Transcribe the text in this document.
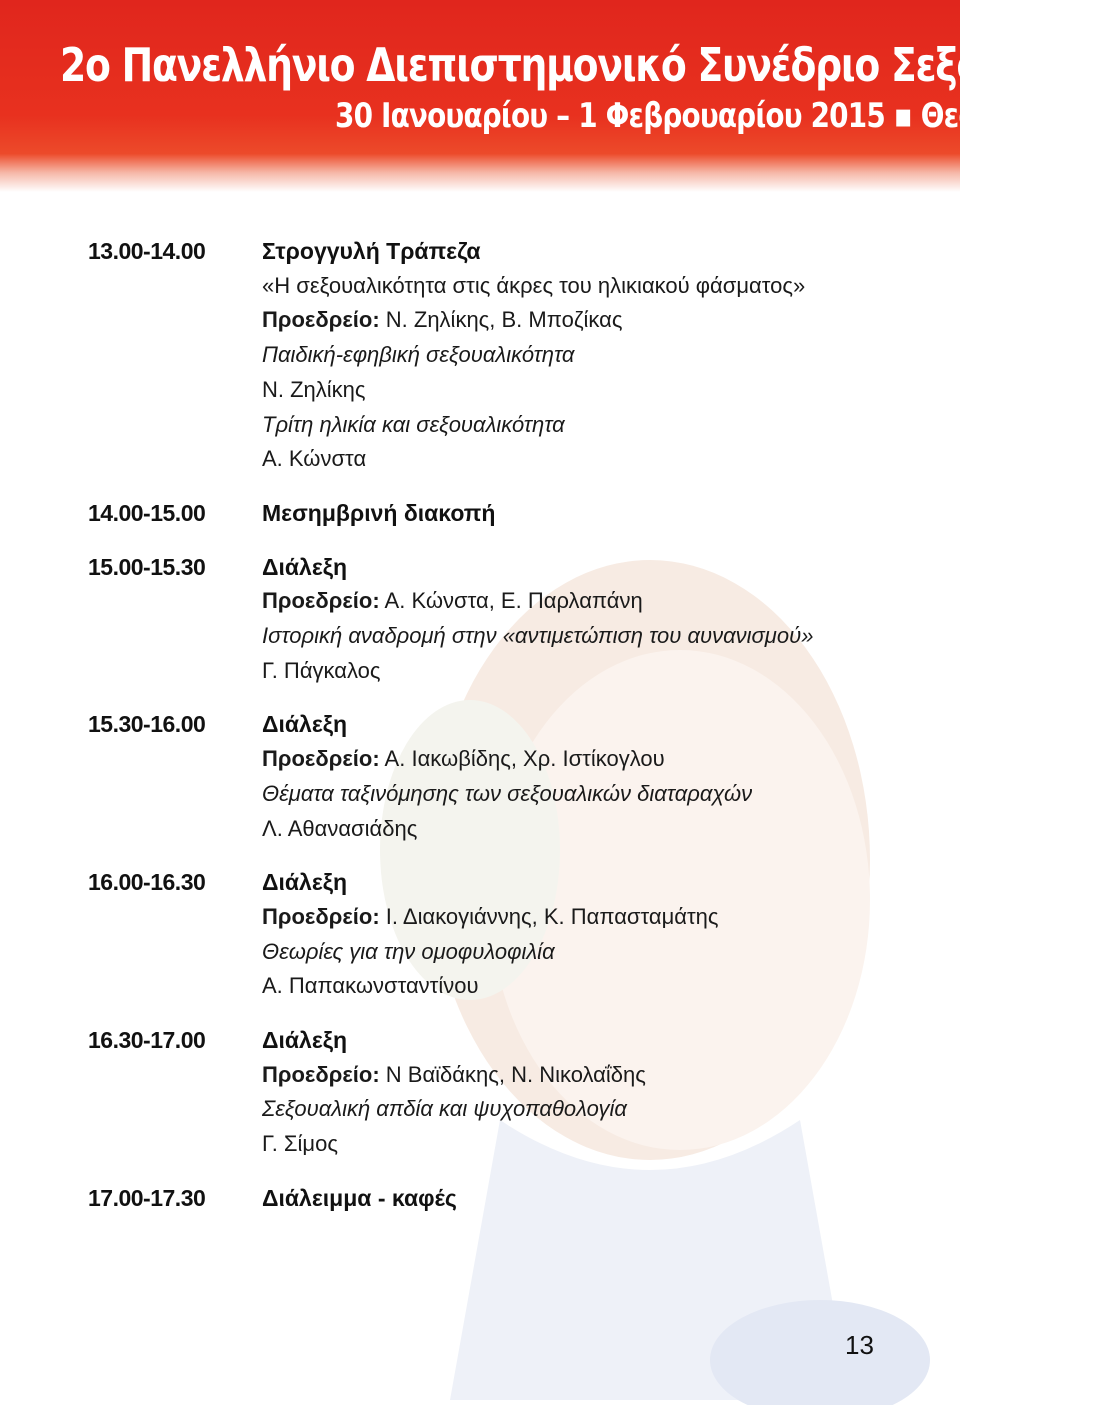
2ο Πανελλήνιο Διεπιστημονικό Συνέδριο Σεξολογίας
30 Ιανουαρίου – 1 Φεβρουαρίου 2015 ▪ Θεσσαλονίκη
13.00-14.00	Στρογγυλή Τράπεζα
«Η σεξουαλικότητα στις άκρες του ηλικιακού φάσματος»
Προεδρείο: Ν. Ζηλίκης, Β. Μποζίκας
Παιδική-εφηβική σεξουαλικότητα
Ν. Ζηλίκης
Τρίτη ηλικία και σεξουαλικότητα
Α. Κώνστα
14.00-15.00	Μεσημβρινή διακοπή
15.00-15.30	Διάλεξη
Προεδρείο: Α. Κώνστα, Ε. Παρλαπάνη
Ιστορική αναδρομή στην «αντιμετώπιση του αυνανισμού»
Γ. Πάγκαλος
15.30-16.00	Διάλεξη
Προεδρείο: Α. Ιακωβίδης, Χρ. Ιστίκογλου
Θέματα ταξινόμησης των σεξουαλικών διαταραχών
Λ. Αθανασιάδης
16.00-16.30	Διάλεξη
Προεδρείο: Ι. Διακογιάννης, Κ. Παπασταμάτης
Θεωρίες για την ομοφυλοφιλία
Α. Παπακωνσταντίνου
16.30-17.00	Διάλεξη
Προεδρείο: Ν Βαϊδάκης, Ν. Νικολαΐδης
Σεξουαλική απδία και ψυχοπαθολογία
Γ. Σίμος
17.00-17.30	Διάλειμμα - καφές
13
